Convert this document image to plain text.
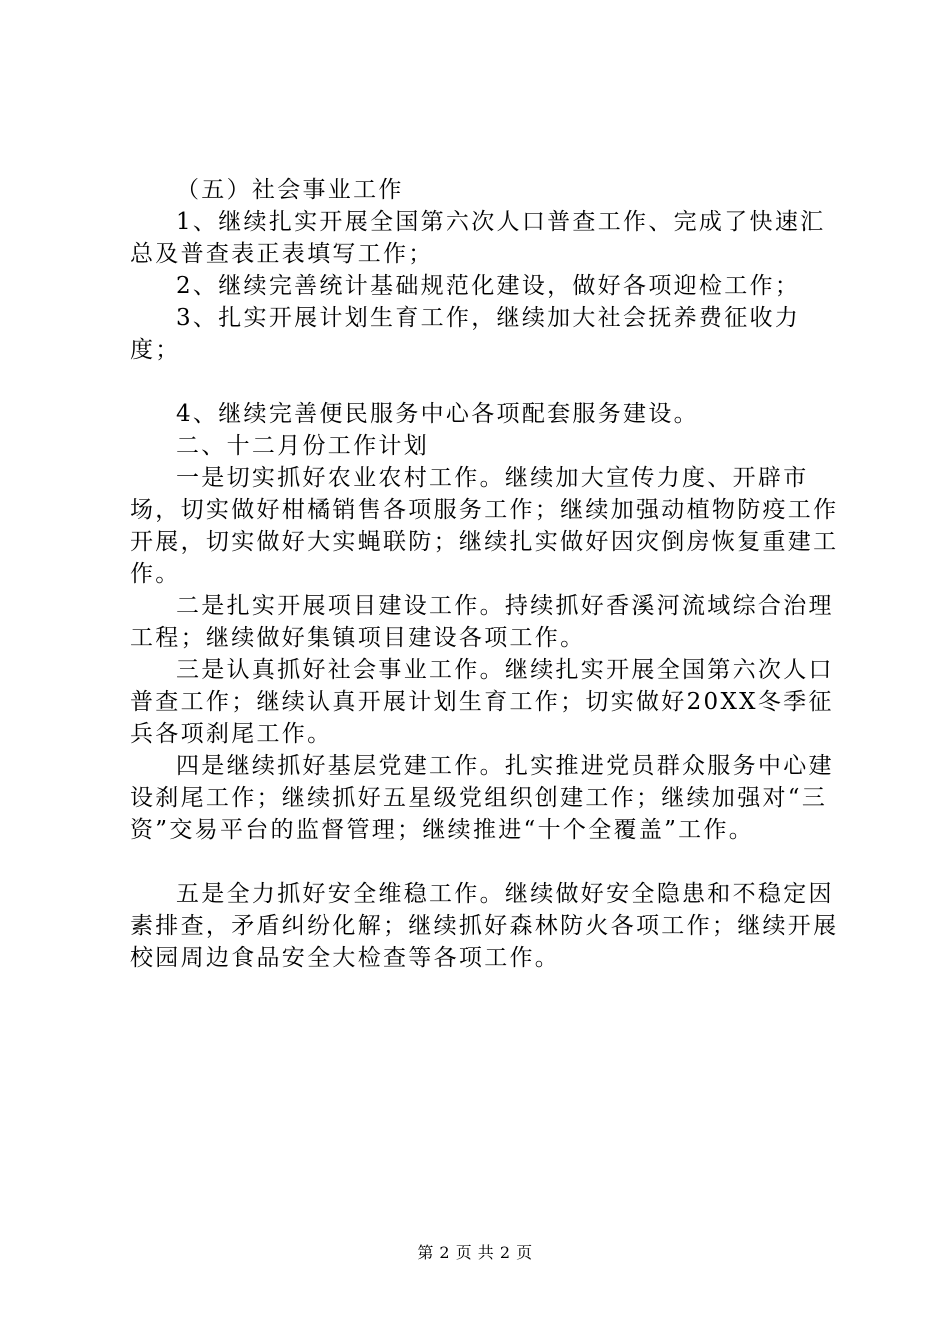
（五）社会事业工作

1、继续扎实开展全国第六次人口普查工作、完成了快速汇总及普查表正表填写工作；

2、继续完善统计基础规范化建设，做好各项迎检工作；

3、扎实开展计划生育工作，继续加大社会抚养费征收力度；

4、继续完善便民服务中心各项配套服务建设。

二、十二月份工作计划

一是切实抓好农业农村工作。继续加大宣传力度、开辟市场，切实做好柑橘销售各项服务工作；继续加强动植物防疫工作开展，切实做好大实蝇联防；继续扎实做好因灾倒房恢复重建工作。

二是扎实开展项目建设工作。持续抓好香溪河流域综合治理工程；继续做好集镇项目建设各项工作。

三是认真抓好社会事业工作。继续扎实开展全国第六次人口普查工作；继续认真开展计划生育工作；切实做好20XX冬季征兵各项刹尾工作。

四是继续抓好基层党建工作。扎实推进党员群众服务中心建设刹尾工作；继续抓好五星级党组织创建工作；继续加强对“三资”交易平台的监督管理；继续推进“十个全覆盖”工作。

五是全力抓好安全维稳工作。继续做好安全隐患和不稳定因素排查，矛盾纠纷化解；继续抓好森林防火各项工作；继续开展校园周边食品安全大检查等各项工作。

第 2 页 共 2 页
